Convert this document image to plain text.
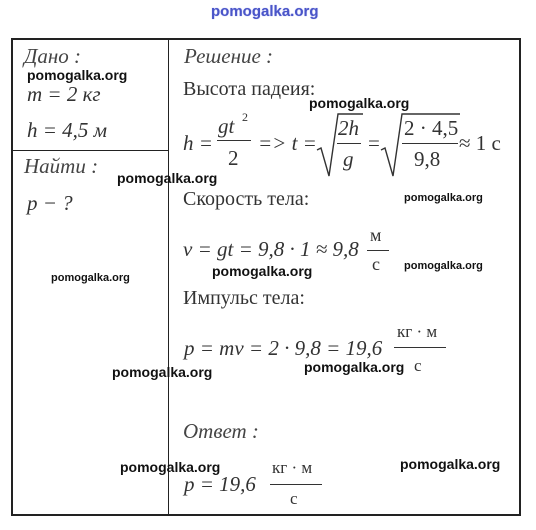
pomogalka.org
Дано :
m = 2 кг
h = 4,5 м
Найти :
p − ?
Решение :
Высота падеия:
h =
gt 2
2
=> t =
2h
g
=
2 · 4,5
9,8
≈ 1 с
Скорость тела:
v = gt = 9,8 · 1 ≈ 9,8
м
с
Импульс тела:
p = mv = 2 · 9,8 = 19,6
кг · м
с
Ответ :
p = 19,6
кг · м
с
pomogalka.org
pomogalka.org
pomogalka.org
pomogalka.org
pomogalka.org	pomogalka.org
pomogalka.org
pomogalka.org	pomogalka.org
pomogalka.org	pomogalka.org
